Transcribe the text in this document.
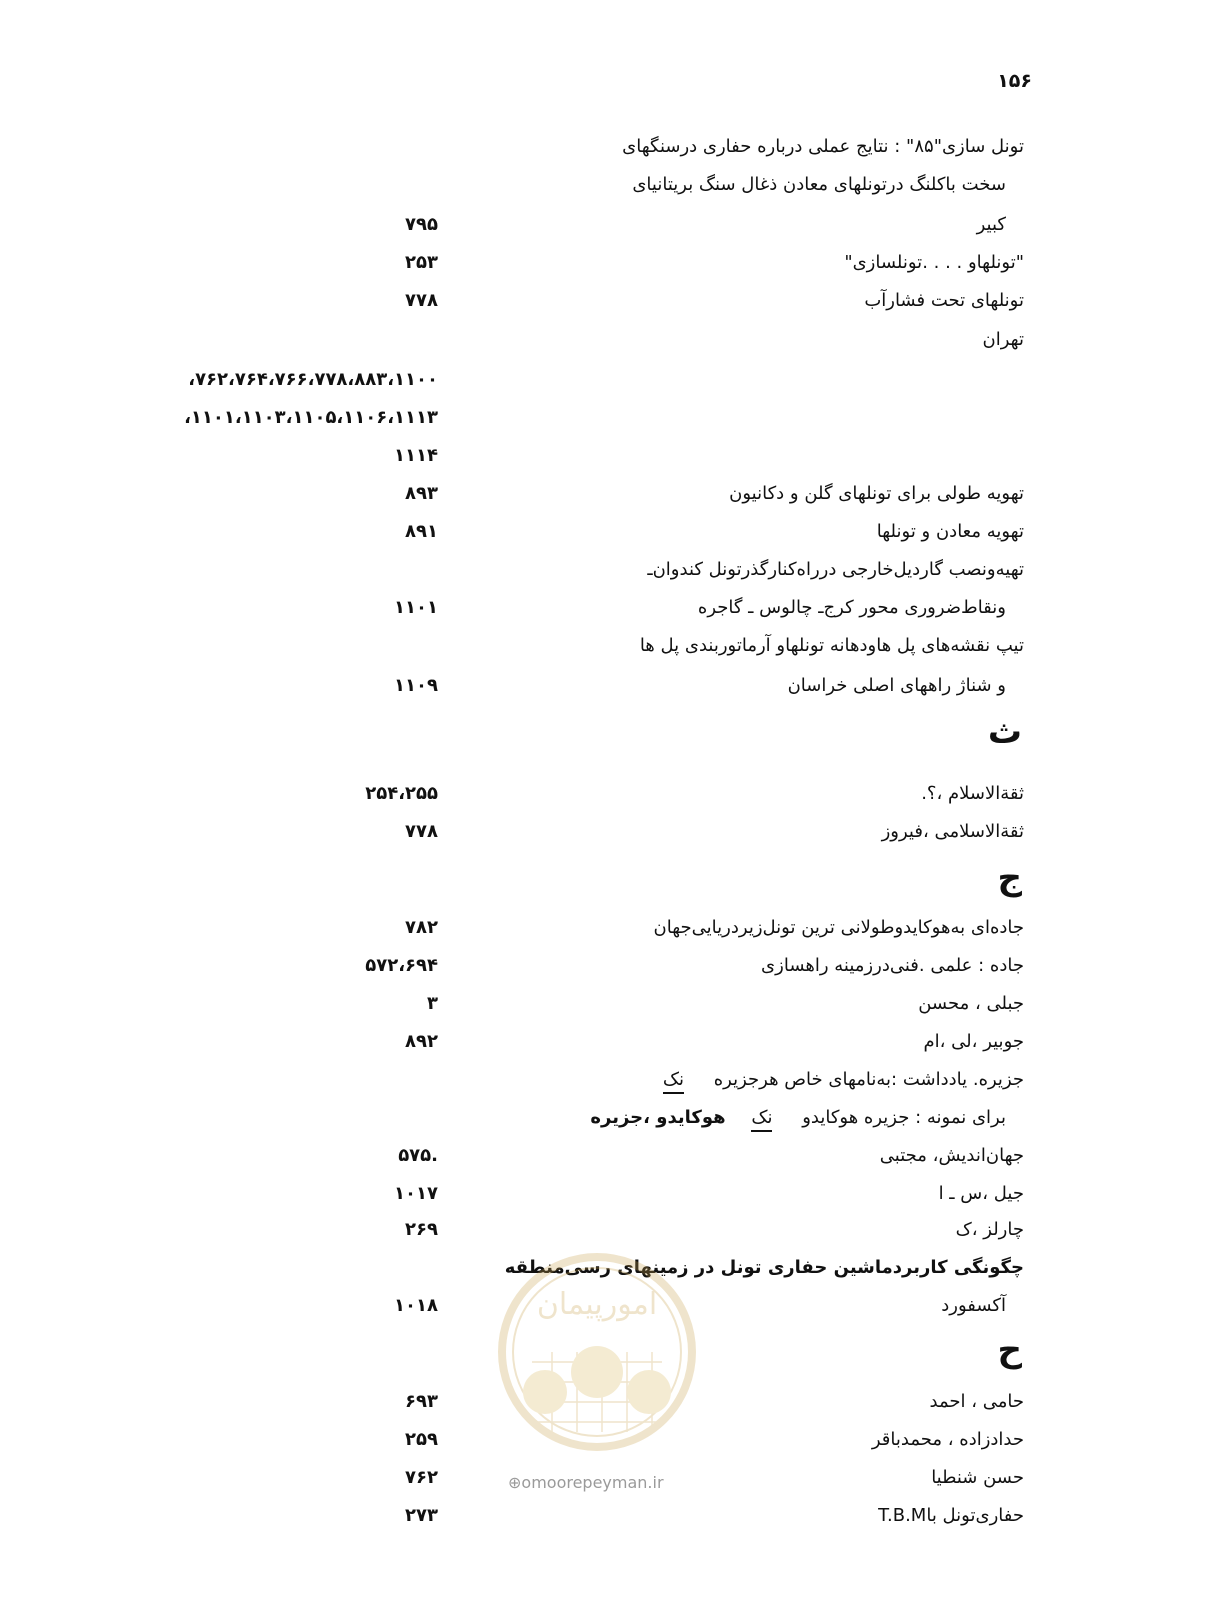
۱۵۶
تونل سازی"۸۵" : نتایج عملی درباره حفاری درسنگهای
سخت باکلنگ درتونلهای معادن ذغال سنگ بریتانیای
کبیر
۷۹۵
"تونلهاو . . . .تونلسازی"
۲۵۳
تونلهای تحت فشارآب
۷۷۸
تهران
۷۶۲،۷۶۴،۷۶۶،۷۷۸،۸۸۳،۱۱۰۰،
۱۱۰۱،۱۱۰۳،۱۱۰۵،۱۱۰۶،۱۱۱۳،
۱۱۱۴
تهویه طولی برای تونلهای گلن و دکانیون
۸۹۳
تهویه معادن و تونلها
۸۹۱
تهیه‌ونصب گاردیل‌خارجی درراه‌کنارگذرتونل کندوان‌ـ
ونقاط‌ضروری محور کرج‌ـ چالوس ـ گاجره
۱۱۰۱
تیپ نقشه‌های پل هاودهانه تونلهاو آرماتوربندی پل ها
و شناژ راههای اصلی خراسان
۱۱۰۹
ث
ثقةالاسلام ،؟.
۲۵۴،۲۵۵
ثقةالاسلامی ،فیروز
۷۷۸
ج
جاده‌ای به‌هوکایدوطولانی ترین تونل‌زیردریایی‌جهان
۷۸۲
جاده : علمی .فنی‌درزمینه راهسازی
۵۷۲،۶۹۴
جبلی ، محسن
۳
جوبیر ،لی ،ام
۸۹۲
جزیره. یادداشت :به‌نامهای خاص هرجزیره نک
برای نمونه : جزیره هوکایدو نک هوکایدو ،جزیره
جهان‌اندیش، مجتبی
.۵۷۵
جیل ،س ـ ا
۱۰۱۷
چارلز ،ک
۲۶۹
چگونگی کاربردماشین حفاری تونل در زمینهای رسی‌منطقه
آکسفورد
۱۰۱۸
ح
حامی ، احمد
۶۹۳
حدادزاده ، محمدباقر
۲۵۹
حسن شنطیا
۷۶۲
حفاری‌تونل باT.B.M
۲۷۳
امورپیمان
⊕omoorepeyman.ir
